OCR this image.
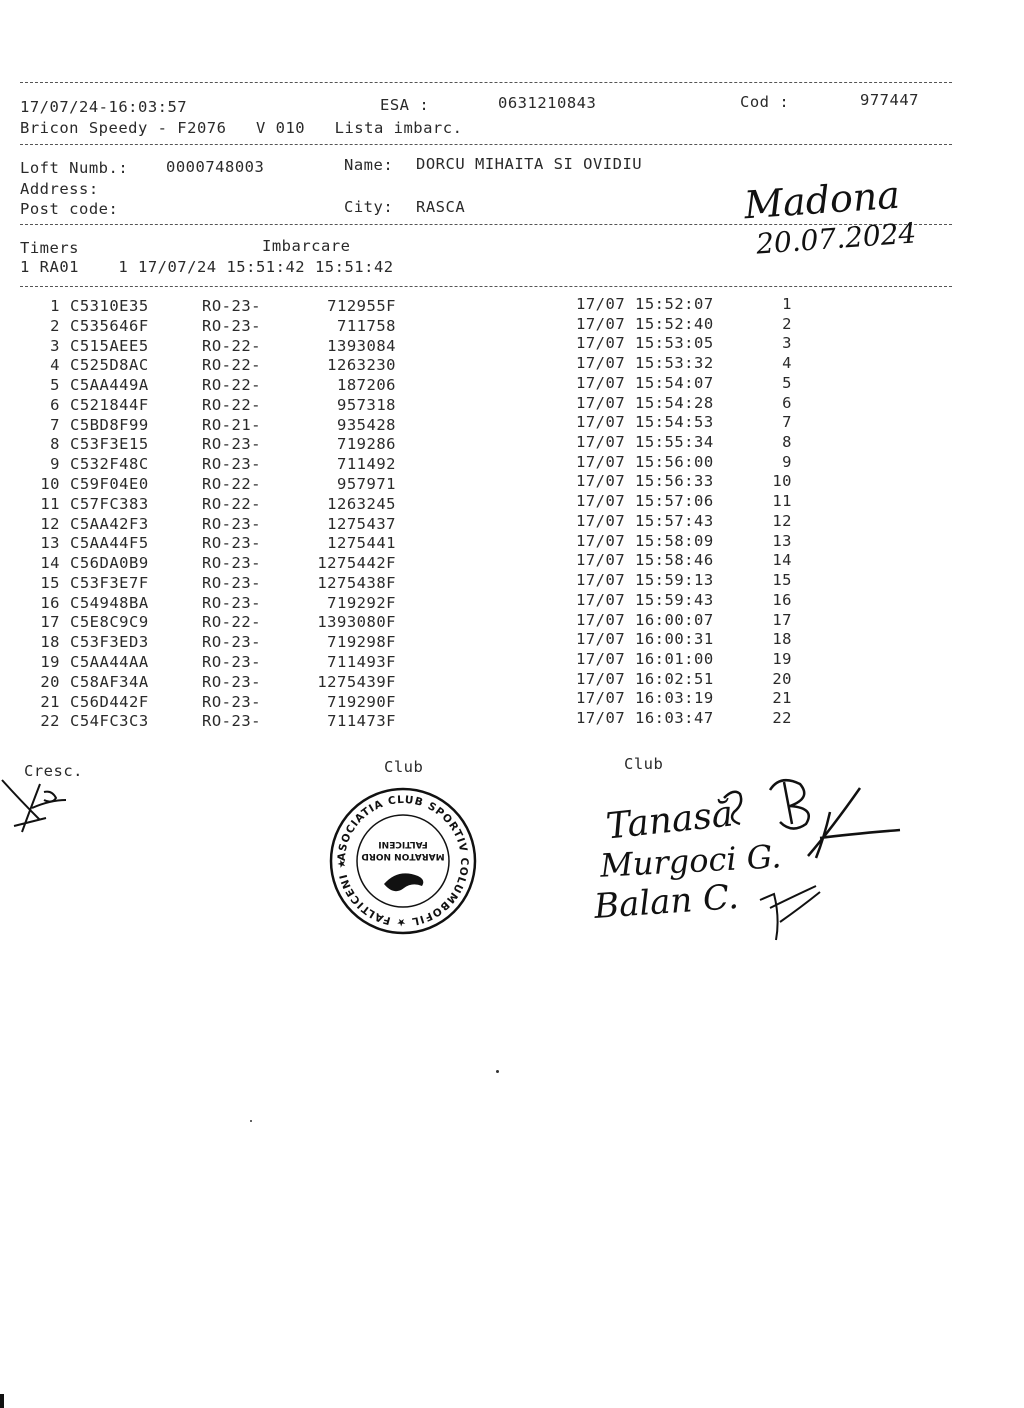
17/07/24-16:03:57	ESA :	0631210843	Cod :	977447
Bricon Speedy - F2076   V 010   Lista imbarc.
Loft Numb.: 0000748003	Name: DORCU MIHAITA SI OVIDIU
Address:
Post code:	City: RASCA
Timers	Imbarcare
1 RA01    1 17/07/24 15:51:42 15:51:42
1 C5310E35	RO-23-	712955F	17/07 15:52:07	1
2 C535646F	RO-23-	711758	17/07 15:52:40	2
3 C515AEE5	RO-22-	1393084	17/07 15:53:05	3
4 C525D8AC	RO-22-	1263230	17/07 15:53:32	4
5 C5AA449A	RO-22-	187206	17/07 15:54:07	5
6 C521844F	RO-22-	957318	17/07 15:54:28	6
7 C5BD8F99	RO-21-	935428	17/07 15:54:53	7
8 C53F3E15	RO-23-	719286	17/07 15:55:34	8
9 C532F48C	RO-23-	711492	17/07 15:56:00	9
10 C59F04E0	RO-22-	957971	17/07 15:56:33	10
11 C57FC383	RO-22-	1263245	17/07 15:57:06	11
12 C5AA42F3	RO-23-	1275437	17/07 15:57:43	12
13 C5AA44F5	RO-23-	1275441	17/07 15:58:09	13
14 C56DA0B9	RO-23-	1275442F	17/07 15:58:46	14
15 C53F3E7F	RO-23-	1275438F	17/07 15:59:13	15
16 C54948BA	RO-23-	719292F	17/07 15:59:43	16
17 C5E8C9C9	RO-22-	1393080F	17/07 16:00:07	17
18 C53F3ED3	RO-23-	719298F	17/07 16:00:31	18
19 C5AA44AA	RO-23-	711493F	17/07 16:01:00	19
20 C58AF34A	RO-23-	1275439F	17/07 16:02:51	20
21 C56D442F	RO-23-	719290F	17/07 16:03:19	21
22 C54FC3C3	RO-23-	711473F	17/07 16:03:47	22
Cresc.	Club	Club
Madona
20.07.2024
Tanasă
Murgoci G.
Balan C.
ASOCIATIA CLUB SPORTIV COLUMBOFIL ★ FALTICENI ★
MARATON NORD
FALTICENI
